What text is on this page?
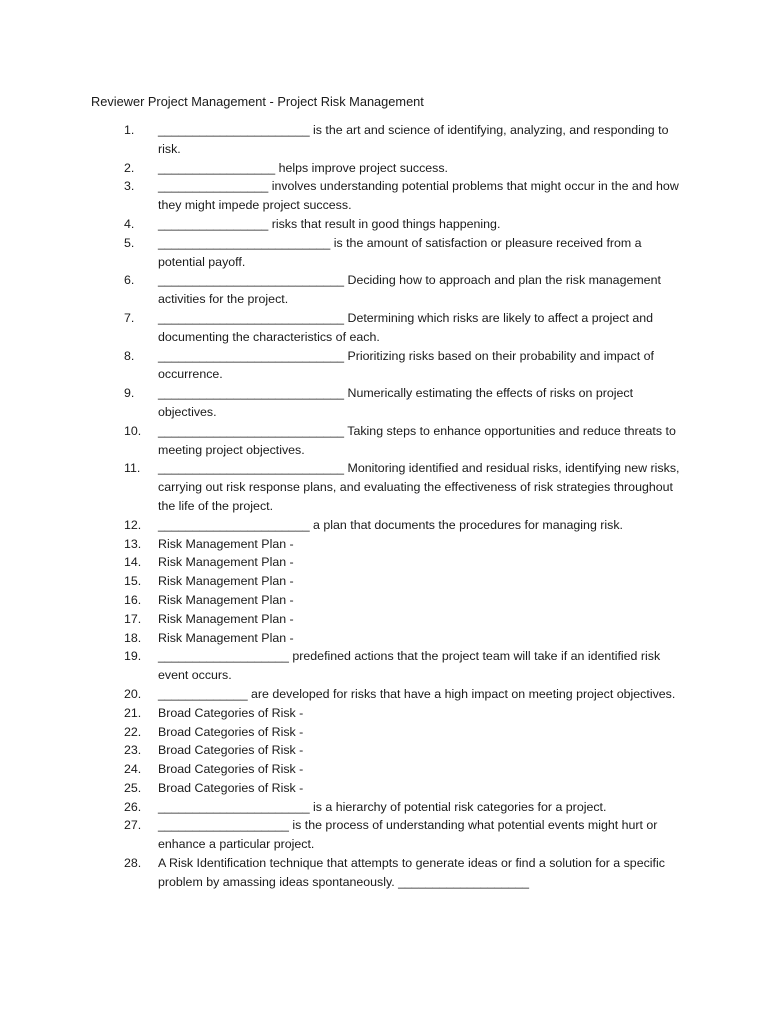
Reviewer Project Management - Project Risk Management
1.	______________________ is the art and science of identifying, analyzing, and responding to risk.
2.	_________________ helps improve project success.
3.	________________ involves understanding potential problems that might occur in the and how they might impede project success.
4.	________________ risks that result in good things happening.
5.	_________________________ is the amount of satisfaction or pleasure received from a potential payoff.
6.	___________________________ Deciding how to approach and plan the risk management activities for the project.
7.	___________________________ Determining which risks are likely to affect a project and documenting the characteristics of each.
8.	___________________________ Prioritizing risks based on their probability and impact of occurrence.
9.	___________________________ Numerically estimating the effects of risks on project objectives.
10.	___________________________ Taking steps to enhance opportunities and reduce threats to meeting project objectives.
11.	___________________________ Monitoring identified and residual risks, identifying new risks, carrying out risk response plans, and evaluating the effectiveness of risk strategies throughout the life of the project.
12.	______________________ a plan that documents the procedures for managing risk.
13.	Risk Management Plan -
14.	Risk Management Plan -
15.	Risk Management Plan -
16.	Risk Management Plan -
17.	Risk Management Plan -
18.	Risk Management Plan -
19.	___________________ predefined actions that the project team will take if an identified risk event occurs.
20.	_____________ are developed for risks that have a high impact on meeting project objectives.
21.	Broad Categories of Risk -
22.	Broad Categories of Risk -
23.	Broad Categories of Risk -
24.	Broad Categories of Risk -
25.	Broad Categories of Risk -
26.	______________________ is a hierarchy of potential risk categories for a project.
27.	___________________ is the process of understanding what potential events might hurt or enhance a particular project.
28.	A Risk Identification technique that attempts to generate ideas or find a solution for a specific problem by amassing ideas spontaneously. ___________________
